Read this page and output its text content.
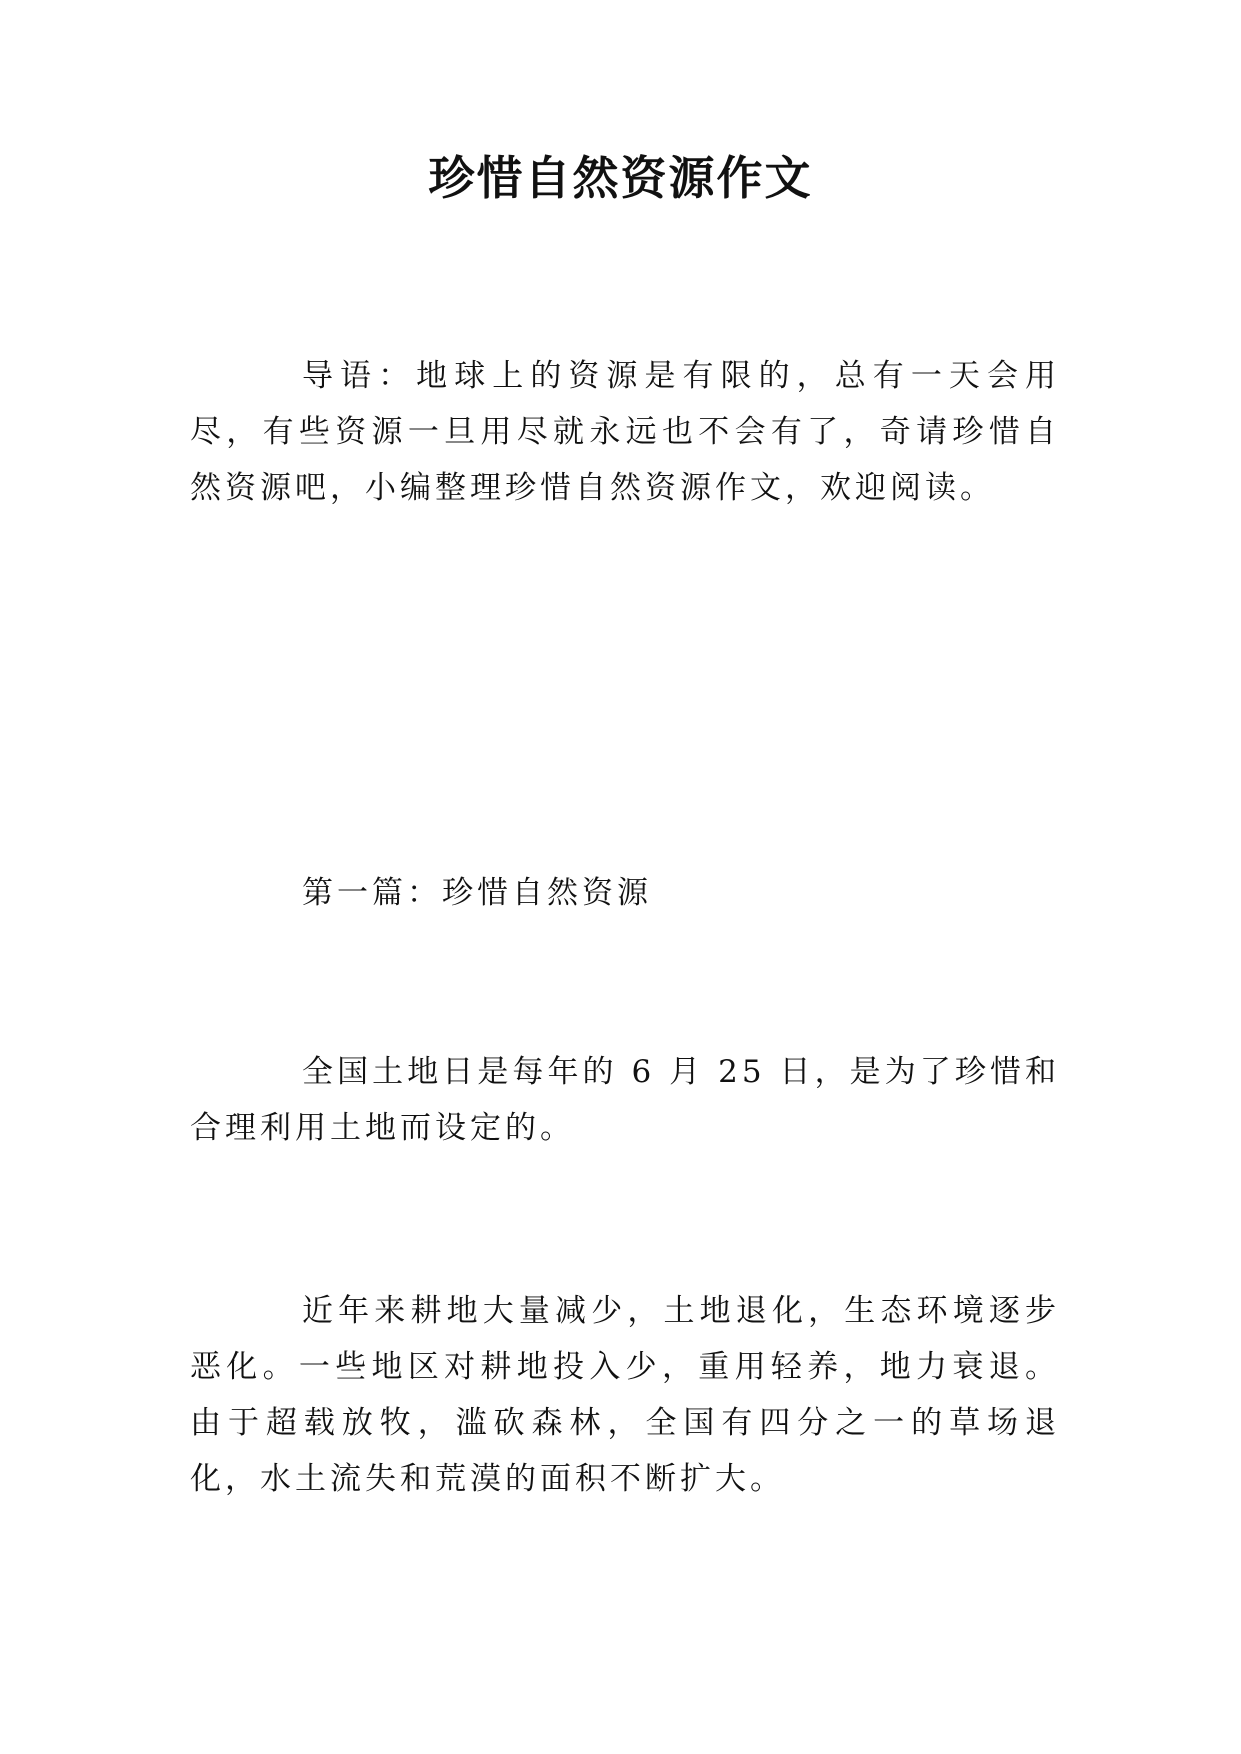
珍惜自然资源作文

导语：地球上的资源是有限的，总有一天会用尽，有些资源一旦用尽就永远也不会有了，奇请珍惜自然资源吧，小编整理珍惜自然资源作文，欢迎阅读。

第一篇：珍惜自然资源

全国土地日是每年的 6 月 25 日，是为了珍惜和合理利用土地而设定的。

近年来耕地大量减少，土地退化，生态环境逐步恶化。一些地区对耕地投入少，重用轻养，地力衰退。由于超载放牧，滥砍森林，全国有四分之一的草场退化，水土流失和荒漠的面积不断扩大。
